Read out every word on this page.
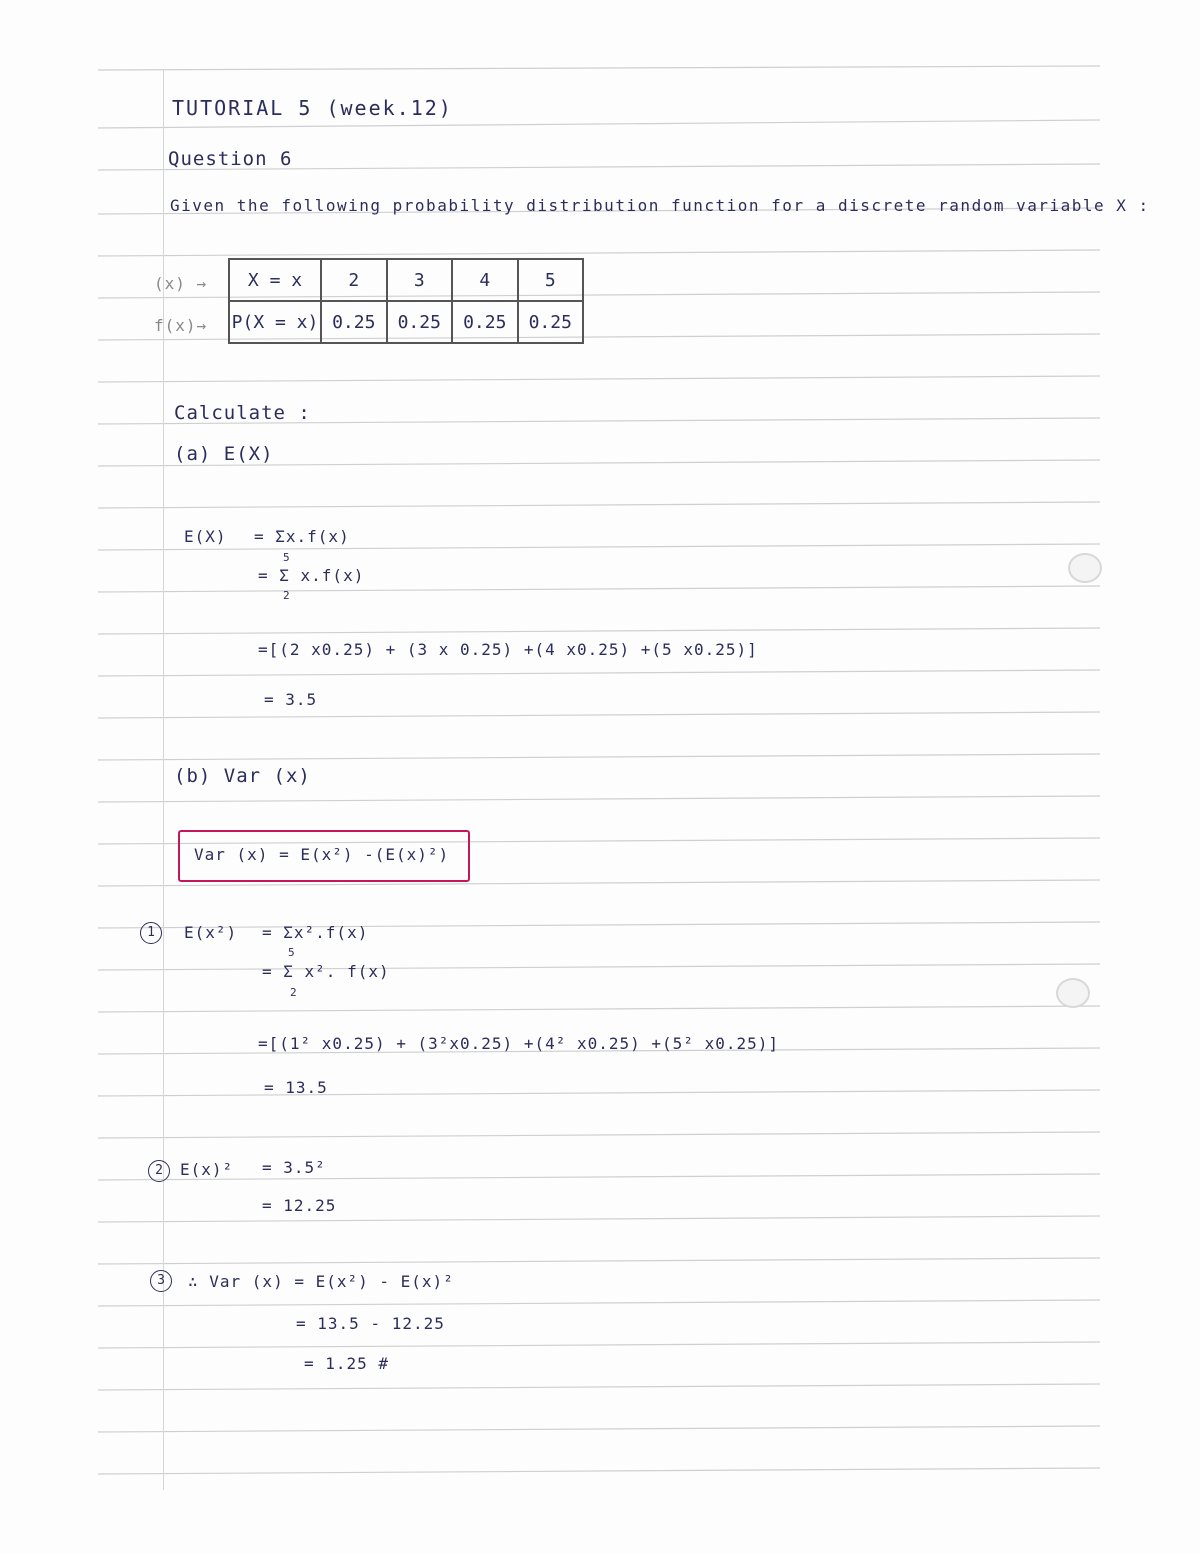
TUTORIAL 5 (week.12)
Question 6
Given the following probability distribution function for a discrete random variable X :
(x) →
f(x)→
X = x	2	3	4	5
P(X = x)	0.25	0.25	0.25	0.25
Calculate :
(a) E(X)
E(X) = Σx.f(x)
5
= Σ x.f(x)
2
=[(2 x0.25) + (3 x 0.25) +(4 x0.25) +(5 x0.25)]
= 3.5
(b) Var (x)
Var (x) = E(x²) -(E(x)²)
1	E(x²) = Σx².f(x)
5
= Σ x². f(x)
2
=[(1² x0.25) + (3²x0.25) +(4² x0.25) +(5² x0.25)]
= 13.5
2	E(x)² = 3.5²
= 12.25
3	∴ Var (x) = E(x²) - E(x)²
= 13.5 - 12.25
= 1.25 #
